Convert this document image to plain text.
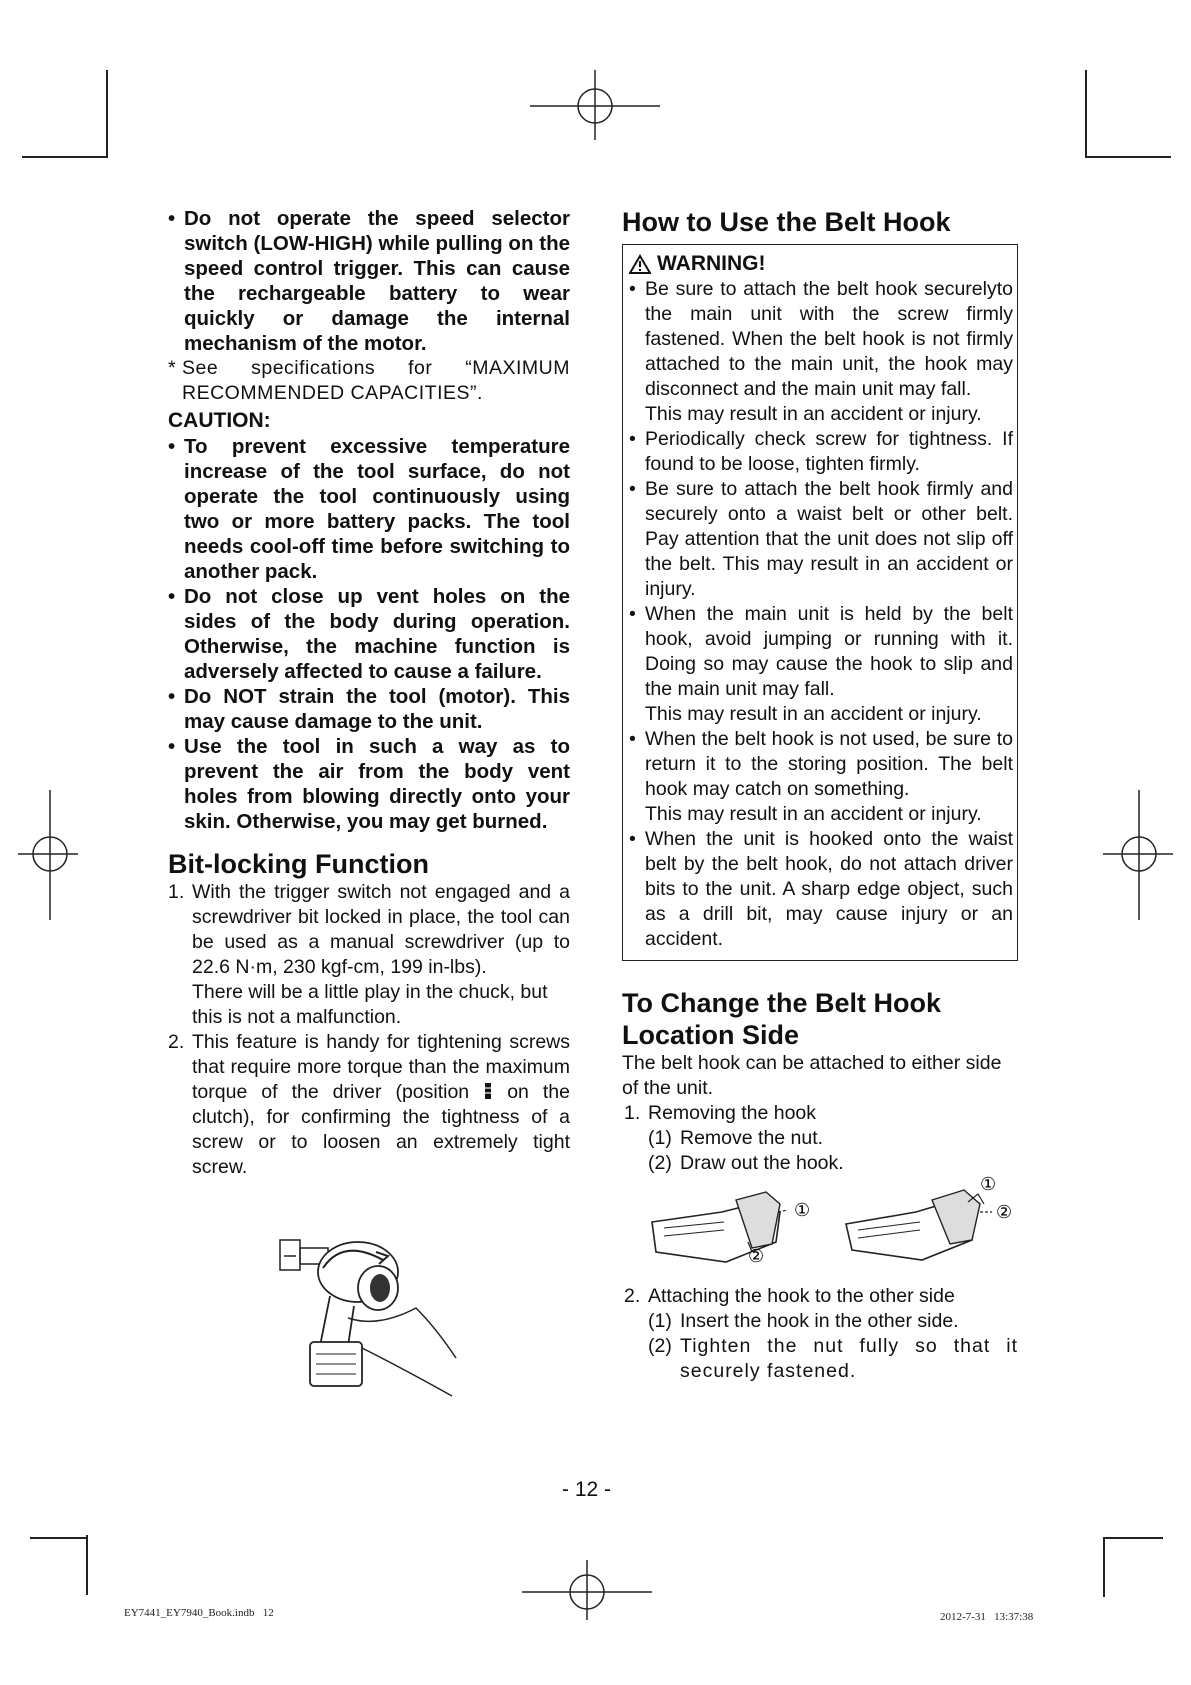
• Do not operate the speed selector switch (LOW-HIGH) while pulling on the speed control trigger. This can cause the rechargeable battery to wear quickly or damage the internal mechanism of the motor.
* See specifications for “MAXIMUM RECOMMENDED CAPACITIES”.
CAUTION:
• To prevent excessive temperature increase of the tool surface, do not operate the tool continuously using two or more battery packs. The tool needs cool-off time before switching to another pack.
• Do not close up vent holes on the sides of the body during operation. Otherwise, the machine function is adversely affected to cause a failure.
• Do NOT strain the tool (motor). This may cause damage to the unit.
• Use the tool in such a way as to prevent the air from the body vent holes from blowing directly onto your skin. Otherwise, you may get burned.
Bit-locking Function
1. With the trigger switch not engaged and a screwdriver bit locked in place, the tool can be used as a manual screwdriver (up to 22.6 N·m, 230 kgf-cm, 199 in-lbs).

There will be a little play in the chuck, but this is not a malfunction.
2. This feature is handy for tightening screws that require more torque than the maximum torque of the driver (position on the clutch), for confirming the tightness of a screw or to loosen an extremely tight screw.
How to Use the Belt Hook
WARNING!
• Be sure to attach the belt hook securelyto the main unit with the screw firmly fastened. When the belt hook is not firmly attached to the main unit, the hook may disconnect and the main unit may fall.
This may result in an accident or injury.
• Periodically check screw for tightness. If found to be loose, tighten firmly.
• Be sure to attach the belt hook firmly and securely onto a waist belt or other belt. Pay attention that the unit does not slip off the belt. This may result in an accident or injury.
• When the main unit is held by the belt hook, avoid jumping or running with it. Doing so may cause the hook to slip and the main unit may fall.
This may result in an accident or injury.
• When the belt hook is not used, be sure to return it to the storing position. The belt hook may catch on something.
This may result in an accident or injury.
• When the unit is hooked onto the waist belt by the belt hook, do not attach driver bits to the unit. A sharp edge object, such as a drill bit, may cause injury or an accident.
To Change the Belt Hook
Location Side
The belt hook can be attached to either side of the unit.
1. Removing the hook
(1) Remove the nut.
(2) Draw out the hook.
①
②
①
②
2. Attaching the hook to the other side
(1) Insert the hook in the other side.
(2) Tighten the nut fully so that it securely fastened.
- 12 -
EY7441_EY7940_Book.indb   12	2012-7-31   13:37:38
